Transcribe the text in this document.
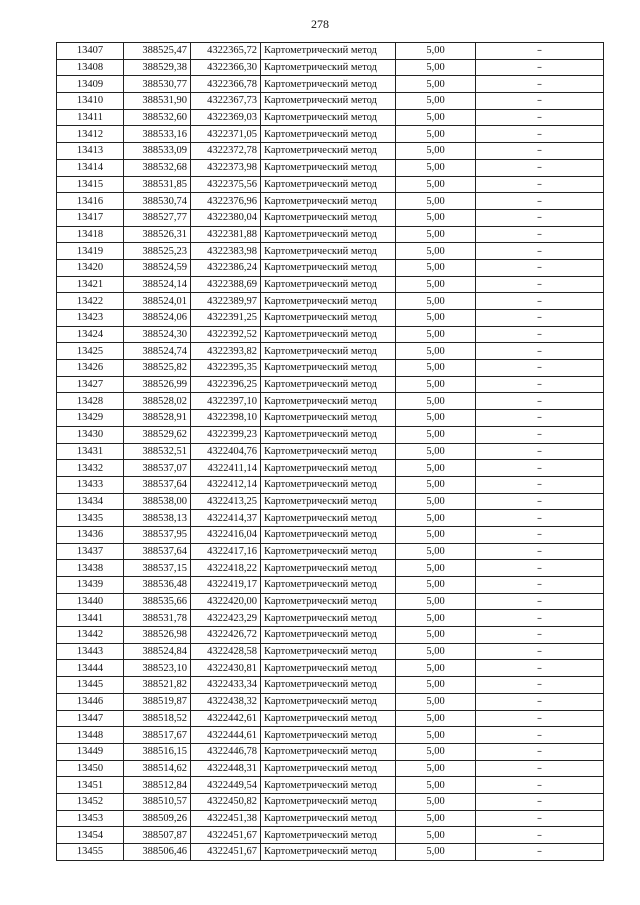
278
13407	388525,47	4322365,72	Картометрический метод	5,00	–
13408	388529,38	4322366,30	Картометрический метод	5,00	–
13409	388530,77	4322366,78	Картометрический метод	5,00	–
13410	388531,90	4322367,73	Картометрический метод	5,00	–
13411	388532,60	4322369,03	Картометрический метод	5,00	–
13412	388533,16	4322371,05	Картометрический метод	5,00	–
13413	388533,09	4322372,78	Картометрический метод	5,00	–
13414	388532,68	4322373,98	Картометрический метод	5,00	–
13415	388531,85	4322375,56	Картометрический метод	5,00	–
13416	388530,74	4322376,96	Картометрический метод	5,00	–
13417	388527,77	4322380,04	Картометрический метод	5,00	–
13418	388526,31	4322381,88	Картометрический метод	5,00	–
13419	388525,23	4322383,98	Картометрический метод	5,00	–
13420	388524,59	4322386,24	Картометрический метод	5,00	–
13421	388524,14	4322388,69	Картометрический метод	5,00	–
13422	388524,01	4322389,97	Картометрический метод	5,00	–
13423	388524,06	4322391,25	Картометрический метод	5,00	–
13424	388524,30	4322392,52	Картометрический метод	5,00	–
13425	388524,74	4322393,82	Картометрический метод	5,00	–
13426	388525,82	4322395,35	Картометрический метод	5,00	–
13427	388526,99	4322396,25	Картометрический метод	5,00	–
13428	388528,02	4322397,10	Картометрический метод	5,00	–
13429	388528,91	4322398,10	Картометрический метод	5,00	–
13430	388529,62	4322399,23	Картометрический метод	5,00	–
13431	388532,51	4322404,76	Картометрический метод	5,00	–
13432	388537,07	4322411,14	Картометрический метод	5,00	–
13433	388537,64	4322412,14	Картометрический метод	5,00	–
13434	388538,00	4322413,25	Картометрический метод	5,00	–
13435	388538,13	4322414,37	Картометрический метод	5,00	–
13436	388537,95	4322416,04	Картометрический метод	5,00	–
13437	388537,64	4322417,16	Картометрический метод	5,00	–
13438	388537,15	4322418,22	Картометрический метод	5,00	–
13439	388536,48	4322419,17	Картометрический метод	5,00	–
13440	388535,66	4322420,00	Картометрический метод	5,00	–
13441	388531,78	4322423,29	Картометрический метод	5,00	–
13442	388526,98	4322426,72	Картометрический метод	5,00	–
13443	388524,84	4322428,58	Картометрический метод	5,00	–
13444	388523,10	4322430,81	Картометрический метод	5,00	–
13445	388521,82	4322433,34	Картометрический метод	5,00	–
13446	388519,87	4322438,32	Картометрический метод	5,00	–
13447	388518,52	4322442,61	Картометрический метод	5,00	–
13448	388517,67	4322444,61	Картометрический метод	5,00	–
13449	388516,15	4322446,78	Картометрический метод	5,00	–
13450	388514,62	4322448,31	Картометрический метод	5,00	–
13451	388512,84	4322449,54	Картометрический метод	5,00	–
13452	388510,57	4322450,82	Картометрический метод	5,00	–
13453	388509,26	4322451,38	Картометрический метод	5,00	–
13454	388507,87	4322451,67	Картометрический метод	5,00	–
13455	388506,46	4322451,67	Картометрический метод	5,00	–
